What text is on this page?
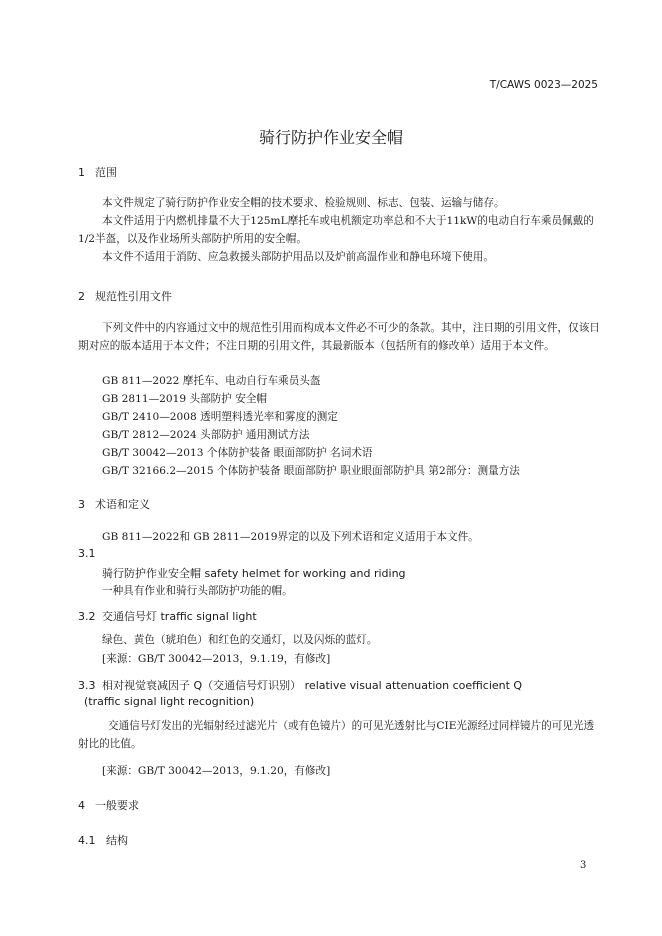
T/CAWS 0023—2025
骑行防护作业安全帽
1 范围
本文件规定了骑行防护作业安全帽的技术要求、检验规则、标志、包装、运输与储存。
本文件适用于内燃机排量不大于125mL摩托车或电机额定功率总和不大于11kW的电动自行车乘员佩戴的1/2半盔，以及作业场所头部防护所用的安全帽。
本文件不适用于消防、应急救援头部防护用品以及炉前高温作业和静电环境下使用。
2 规范性引用文件
下列文件中的内容通过文中的规范性引用而构成本文件必不可少的条款。其中，注日期的引用文件，仅该日期对应的版本适用于本文件；不注日期的引用文件，其最新版本（包括所有的修改单）适用于本文件。
GB 811—2022 摩托车、电动自行车乘员头盔
GB 2811—2019 头部防护 安全帽
GB/T 2410—2008 透明塑料透光率和雾度的测定
GB/T 2812—2024 头部防护 通用测试方法
GB/T 30042—2013 个体防护装备 眼面部防护 名词术语
GB/T 32166.2—2015 个体防护装备 眼面部防护 职业眼面部防护具 第2部分：测量方法
3 术语和定义
GB 811—2022和 GB 2811—2019界定的以及下列术语和定义适用于本文件。
3.1
骑行防护作业安全帽 safety helmet for working and riding
一种具有作业和骑行头部防护功能的帽。
3.2 交通信号灯 traffic signal light
绿色、黄色（琥珀色）和红色的交通灯，以及闪烁的蓝灯。
[来源：GB/T 30042—2013，9.1.19，有修改]
3.3 相对视觉衰减因子 Q（交通信号灯识别） relative visual attenuation coefficient Q
(traffic signal light recognition)
交通信号灯发出的光辐射经过滤光片（或有色镜片）的可见光透射比与CIE光源经过同样镜片的可见光透射比的比值。
[来源：GB/T 30042—2013，9.1.20，有修改]
4 一般要求
4.1 结构
3
